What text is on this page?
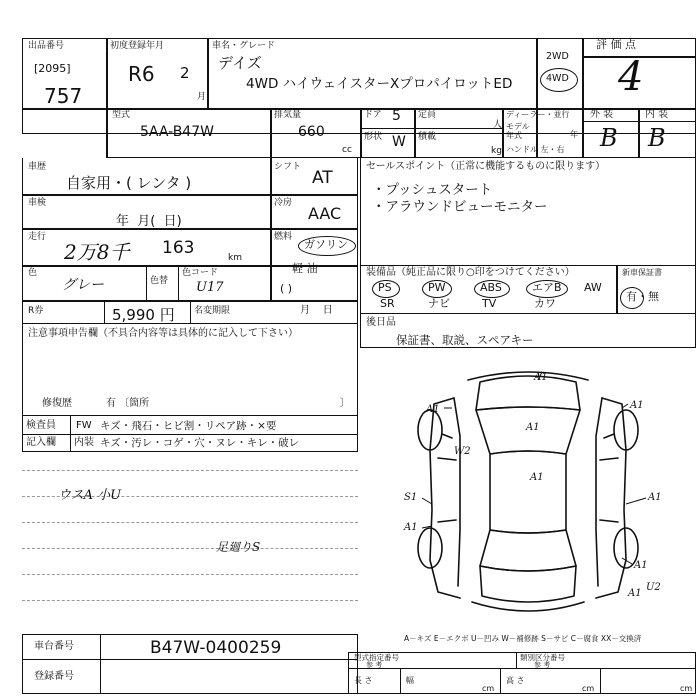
出品番号
[2095]
757
初度登録年月
R6 2
月
車名・グレード
デイズ
4WD ハイウェイスターXプロパイロットED
2WD
4WD
評 価 点
4
外 装	内 装
B B
型式
5AA-B47W
排気量
660
cc
ドア 5
形状 W
定員
人
積載
kg
ディーラー・並行
モデル年式	年
ハンドル 左・右
車歴
自家用・( レンタ )
シフト
AT
車検
年  月(  日)
冷房
AAC
走行
2万8千 163	km
燃料
ガソリン
軽 油
( )
色
グレー	色替
色コード
U17
R券	5,990 円 名変期限	月    日
セールスポイント（正常に機能するものに限ります）
・プッシュスタート
・アラウンドビューモニター
装備品（純正品に限り○印をつけてください）
PS	PW	ABS	エアB AW
SR	ナビ	TV	カワ
新車保証書
有・無
注意事項申告欄（不具合内容等は具体的に記入して下さい）
修復歴	有 〔箇所	〕
後日品
保証書、取説、スペアキー
検査員
記入欄
FW キズ・飛石・ヒビ割・リペア跡・×要
内装 キズ・汚レ・コゲ・穴・ヌレ・キレ・破レ
ウスA 小U
足廻りS
A1
A1	A1
A1
W2
A1
S1	A1
A1
A1
A1
U2
A－キズ E－エクボ U－凹み W－補修跡 S－サビ C－腐食 XX－交換済
車台番号	B47W-0400259
登録番号
型式指定番号
参 考
類別区分番号
参 考
長 さ
cm
幅
cm
高 さ
cm
